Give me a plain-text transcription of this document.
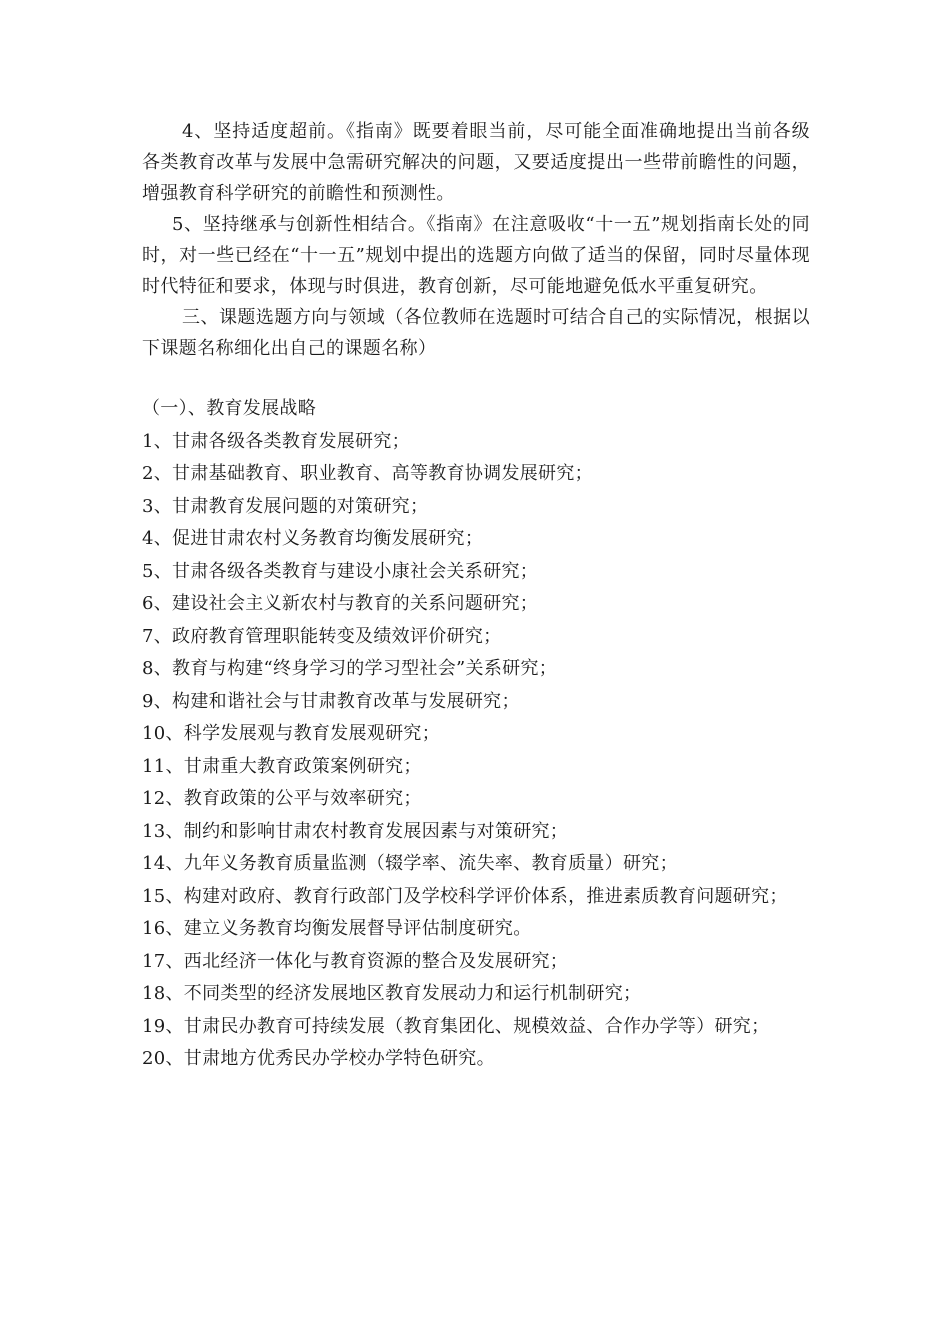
4、坚持适度超前。《指南》既要着眼当前，尽可能全面准确地提出当前各级各类教育改革与发展中急需研究解决的问题，又要适度提出一些带前瞻性的问题，增强教育科学研究的前瞻性和预测性。

5、坚持继承与创新性相结合。《指南》在注意吸收“十一五”规划指南长处的同时，对一些已经在“十一五”规划中提出的选题方向做了适当的保留，同时尽量体现时代特征和要求，体现与时俱进，教育创新，尽可能地避免低水平重复研究。

三、课题选题方向与领域（各位教师在选题时可结合自己的实际情况，根据以下课题名称细化出自己的课题名称）

（一）、教育发展战略

1、甘肃各级各类教育发展研究；
2、甘肃基础教育、职业教育、高等教育协调发展研究；
3、甘肃教育发展问题的对策研究；
4、促进甘肃农村义务教育均衡发展研究；
5、甘肃各级各类教育与建设小康社会关系研究；
6、建设社会主义新农村与教育的关系问题研究；
7、政府教育管理职能转变及绩效评价研究；
8、教育与构建“终身学习的学习型社会”关系研究；
9、构建和谐社会与甘肃教育改革与发展研究；
10、科学发展观与教育发展观研究；
11、甘肃重大教育政策案例研究；
12、教育政策的公平与效率研究；
13、制约和影响甘肃农村教育发展因素与对策研究；
14、九年义务教育质量监测（辍学率、流失率、教育质量）研究；
15、构建对政府、教育行政部门及学校科学评价体系，推进素质教育问题研究；
16、建立义务教育均衡发展督导评估制度研究。
17、西北经济一体化与教育资源的整合及发展研究；
18、不同类型的经济发展地区教育发展动力和运行机制研究；
19、甘肃民办教育可持续发展（教育集团化、规模效益、合作办学等）研究；
20、甘肃地方优秀民办学校办学特色研究。
